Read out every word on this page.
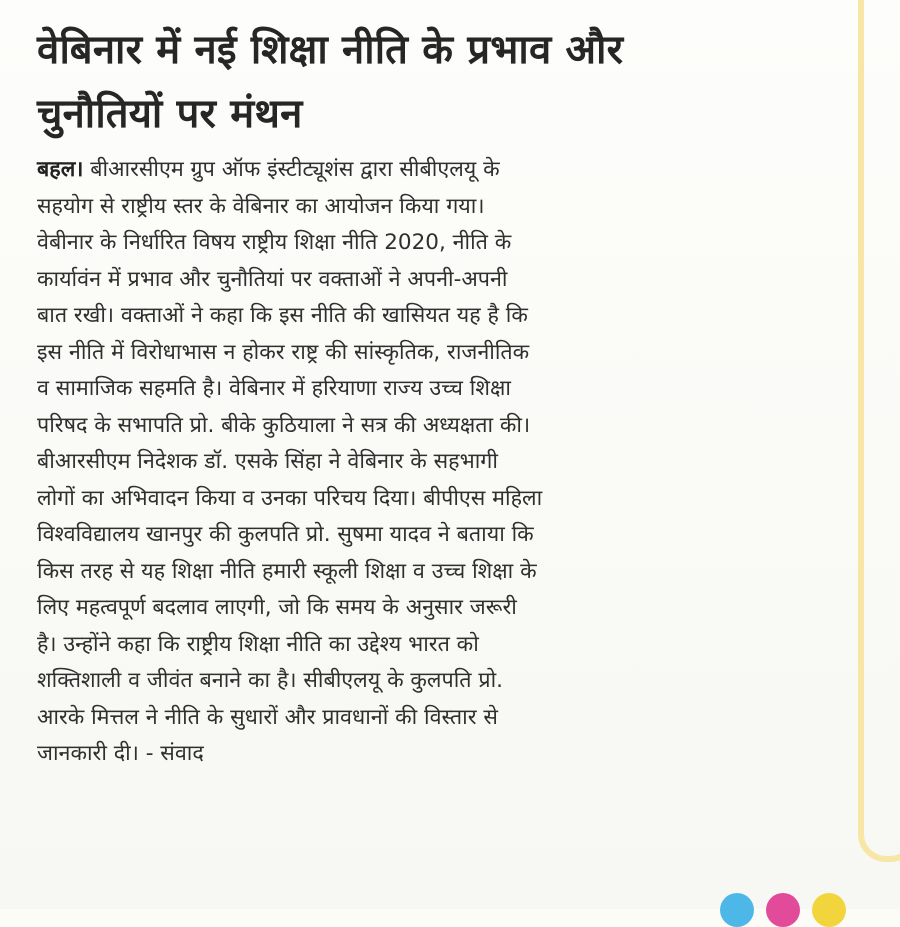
वेबिनार में नई शिक्षा नीति के प्रभाव और
चुनौतियों पर मंथन
बहल। बीआरसीएम ग्रुप ऑफ इंस्टीट्यूशंस द्वारा सीबीएलयू के
सहयोग से राष्ट्रीय स्तर के वेबिनार का आयोजन किया गया।
वेबीनार के निर्धारित विषय राष्ट्रीय शिक्षा नीति 2020, नीति के
कार्यावंन में प्रभाव और चुनौतियां पर वक्ताओं ने अपनी-अपनी
बात रखी। वक्ताओं ने कहा कि इस नीति की खासियत यह है कि
इस नीति में विरोधाभास न होकर राष्ट्र की सांस्कृतिक, राजनीतिक
व सामाजिक सहमति है। वेबिनार में हरियाणा राज्य उच्च शिक्षा
परिषद के सभापति प्रो. बीके कुठियाला ने सत्र की अध्यक्षता की।
बीआरसीएम निदेशक डॉ. एसके सिंहा ने वेबिनार के सहभागी
लोगों का अभिवादन किया व उनका परिचय दिया। बीपीएस महिला
विश्वविद्यालय खानपुर की कुलपति प्रो. सुषमा यादव ने बताया कि
किस तरह से यह शिक्षा नीति हमारी स्कूली शिक्षा व उच्च शिक्षा के
लिए महत्वपूर्ण बदलाव लाएगी, जो कि समय के अनुसार जरूरी
है। उन्होंने कहा कि राष्ट्रीय शिक्षा नीति का उद्देश्य भारत को
शक्तिशाली व जीवंत बनाने का है। सीबीएलयू के कुलपति प्रो.
आरके मित्तल ने नीति के सुधारों और प्रावधानों की विस्तार से
जानकारी दी। - संवाद
